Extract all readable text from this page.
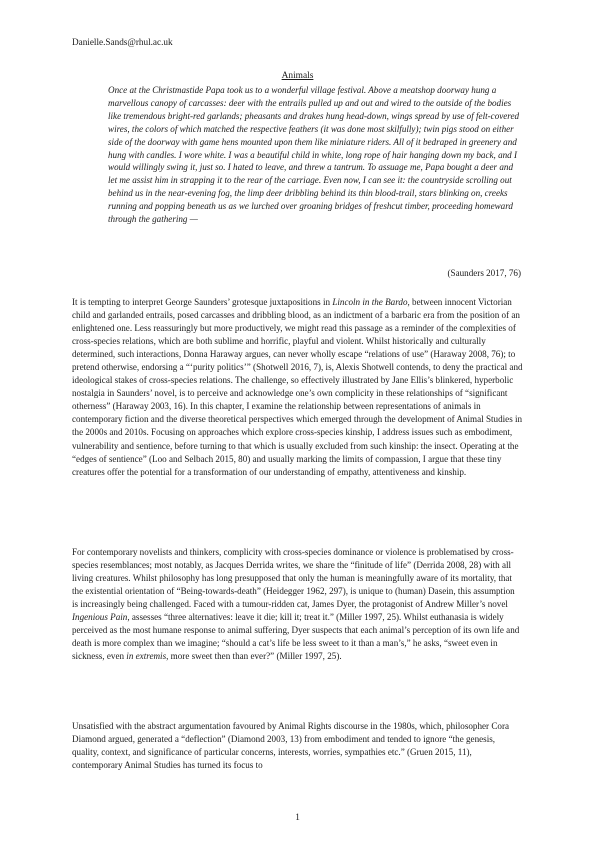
Danielle.Sands@rhul.ac.uk
Animals

Once at the Christmastide Papa took us to a wonderful village festival. Above a meatshop doorway hung a marvellous canopy of carcasses: deer with the entrails pulled up and out and wired to the outside of the bodies like tremendous bright-red garlands; pheasants and drakes hung head-down, wings spread by use of felt-covered wires, the colors of which matched the respective feathers (it was done most skilfully); twin pigs stood on either side of the doorway with game hens mounted upon them like miniature riders. All of it bedraped in greenery and hung with candles. I wore white. I was a beautiful child in white, long rope of hair hanging down my back, and I would willingly swing it, just so. I hated to leave, and threw a tantrum. To assuage me, Papa bought a deer and let me assist him in strapping it to the rear of the carriage. Even now, I can see it: the countryside scrolling out behind us in the near-evening fog, the limp deer dribbling behind its thin blood-trail, stars blinking on, creeks running and popping beneath us as we lurched over groaning bridges of freshcut timber, proceeding homeward through the gathering —

(Saunders 2017, 76)

It is tempting to interpret George Saunders’ grotesque juxtapositions in Lincoln in the Bardo, between innocent Victorian child and garlanded entrails, posed carcasses and dribbling blood, as an indictment of a barbaric era from the position of an enlightened one. Less reassuringly but more productively, we might read this passage as a reminder of the complexities of cross-species relations, which are both sublime and horrific, playful and violent. Whilst historically and culturally determined, such interactions, Donna Haraway argues, can never wholly escape “relations of use” (Haraway 2008, 76); to pretend otherwise, endorsing a “‘purity politics’” (Shotwell 2016, 7), is, Alexis Shotwell contends, to deny the practical and ideological stakes of cross-species relations. The challenge, so effectively illustrated by Jane Ellis’s blinkered, hyperbolic nostalgia in Saunders’ novel, is to perceive and acknowledge one’s own complicity in these relationships of “significant otherness” (Haraway 2003, 16). In this chapter, I examine the relationship between representations of animals in contemporary fiction and the diverse theoretical perspectives which emerged through the development of Animal Studies in the 2000s and 2010s. Focusing on approaches which explore cross-species kinship, I address issues such as embodiment, vulnerability and sentience, before turning to that which is usually excluded from such kinship: the insect. Operating at the “edges of sentience” (Loo and Selbach 2015, 80) and usually marking the limits of compassion, I argue that these tiny creatures offer the potential for a transformation of our understanding of empathy, attentiveness and kinship.

For contemporary novelists and thinkers, complicity with cross-species dominance or violence is problematised by cross-species resemblances; most notably, as Jacques Derrida writes, we share the “finitude of life” (Derrida 2008, 28) with all living creatures. Whilst philosophy has long presupposed that only the human is meaningfully aware of its mortality, that the existential orientation of “Being-towards-death” (Heidegger 1962, 297), is unique to (human) Dasein, this assumption is increasingly being challenged. Faced with a tumour-ridden cat, James Dyer, the protagonist of Andrew Miller’s novel Ingenious Pain, assesses “three alternatives: leave it die; kill it; treat it.” (Miller 1997, 25). Whilst euthanasia is widely perceived as the most humane response to animal suffering, Dyer suspects that each animal’s perception of its own life and death is more complex than we imagine; “should a cat’s life be less sweet to it than a man’s,” he asks, “sweet even in sickness, even in extremis, more sweet then than ever?” (Miller 1997, 25).

Unsatisfied with the abstract argumentation favoured by Animal Rights discourse in the 1980s, which, philosopher Cora Diamond argued, generated a “deflection” (Diamond 2003, 13) from embodiment and tended to ignore “the genesis, quality, context, and significance of particular concerns, interests, worries, sympathies etc.” (Gruen 2015, 11), contemporary Animal Studies has turned its focus to

1
